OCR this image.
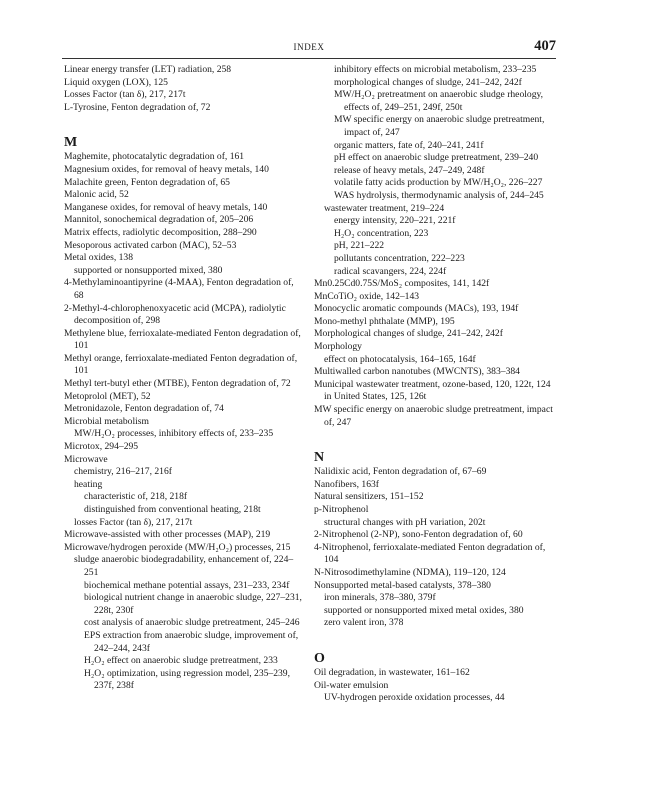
INDEX	407
Linear energy transfer (LET) radiation, 258
Liquid oxygen (LOX), 125
Losses Factor (tan δ), 217, 217t
L-Tyrosine, Fenton degradation of, 72
M
Maghemite, photocatalytic degradation of, 161
Magnesium oxides, for removal of heavy metals, 140
Malachite green, Fenton degradation of, 65
Malonic acid, 52
Manganese oxides, for removal of heavy metals, 140
Mannitol, sonochemical degradation of, 205–206
Matrix effects, radiolytic decomposition, 288–290
Mesoporous activated carbon (MAC), 52–53
Metal oxides, 138
supported or nonsupported mixed, 380
4-Methylaminoantipyrine (4-MAA), Fenton degradation of, 68
2-Methyl-4-chlorophenoxyacetic acid (MCPA), radiolytic decomposition of, 298
Methylene blue, ferrioxalate-mediated Fenton degradation of, 101
Methyl orange, ferrioxalate-mediated Fenton degradation of, 101
Methyl tert-butyl ether (MTBE), Fenton degradation of, 72
Metoprolol (MET), 52
Metronidazole, Fenton degradation of, 74
Microbial metabolism
MW/H₂O₂ processes, inhibitory effects of, 233–235
Microtox, 294–295
Microwave
chemistry, 216–217, 216f
heating
characteristic of, 218, 218f
distinguished from conventional heating, 218t
losses Factor (tan δ), 217, 217t
Microwave-assisted with other processes (MAP), 219
Microwave/hydrogen peroxide (MW/H₂O₂) processes, 215
sludge anaerobic biodegradability, enhancement of, 224–251
biochemical methane potential assays, 231–233, 234f
biological nutrient change in anaerobic sludge, 227–231, 228t, 230f
cost analysis of anaerobic sludge pretreatment, 245–246
EPS extraction from anaerobic sludge, improvement of, 242–244, 243f
H₂O₂ effect on anaerobic sludge pretreatment, 233
H₂O₂ optimization, using regression model, 235–239, 237f, 238f
inhibitory effects on microbial metabolism, 233–235
morphological changes of sludge, 241–242, 242f
MW/H₂O₂ pretreatment on anaerobic sludge rheology, effects of, 249–251, 249f, 250t
MW specific energy on anaerobic sludge pretreatment, impact of, 247
organic matters, fate of, 240–241, 241f
pH effect on anaerobic sludge pretreatment, 239–240
release of heavy metals, 247–249, 248f
volatile fatty acids production by MW/H₂O₂, 226–227
WAS hydrolysis, thermodynamic analysis of, 244–245
wastewater treatment, 219–224
energy intensity, 220–221, 221f
H₂O₂ concentration, 223
pH, 221–222
pollutants concentration, 222–223
radical scavangers, 224, 224f
Mn0.25Cd0.75S/MoS₂ composites, 141, 142f
MnCoTiO₂ oxide, 142–143
Monocyclic aromatic compounds (MACs), 193, 194f
Mono-methyl phthalate (MMP), 195
Morphological changes of sludge, 241–242, 242f
Morphology
effect on photocatalysis, 164–165, 164f
Multiwalled carbon nanotubes (MWCNTS), 383–384
Municipal wastewater treatment, ozone-based, 120, 122t, 124
in United States, 125, 126t
MW specific energy on anaerobic sludge pretreatment, impact of, 247
N
Nalidixic acid, Fenton degradation of, 67–69
Nanofibers, 163f
Natural sensitizers, 151–152
p-Nitrophenol
structural changes with pH variation, 202t
2-Nitrophenol (2-NP), sono-Fenton degradation of, 60
4-Nitrophenol, ferrioxalate-mediated Fenton degradation of, 104
N-Nitrosodimethylamine (NDMA), 119–120, 124
Nonsupported metal-based catalysts, 378–380
iron minerals, 378–380, 379f
supported or nonsupported mixed metal oxides, 380
zero valent iron, 378
O
Oil degradation, in wastewater, 161–162
Oil-water emulsion
UV-hydrogen peroxide oxidation processes, 44
